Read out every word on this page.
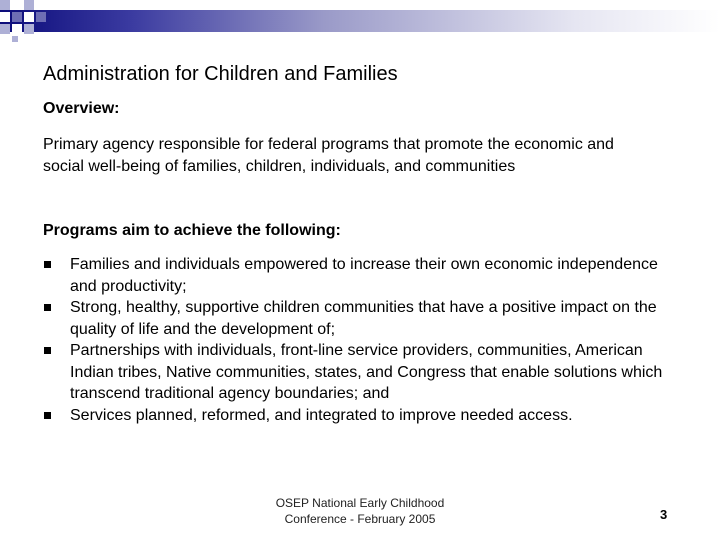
Administration for Children and Families

Overview:

Primary agency responsible for federal programs that promote the economic and social well-being of families, children, individuals, and communities

Programs aim to achieve the following:

Families and individuals empowered to increase their own economic independence and productivity;
Strong, healthy, supportive children communities that have a positive impact on the quality of life and the development of;
Partnerships with individuals, front-line service providers, communities, American Indian tribes, Native communities, states, and Congress that enable solutions which transcend traditional agency boundaries; and
Services planned, reformed, and integrated to improve needed access.
OSEP National Early Childhood
Conference - February 2005	3
